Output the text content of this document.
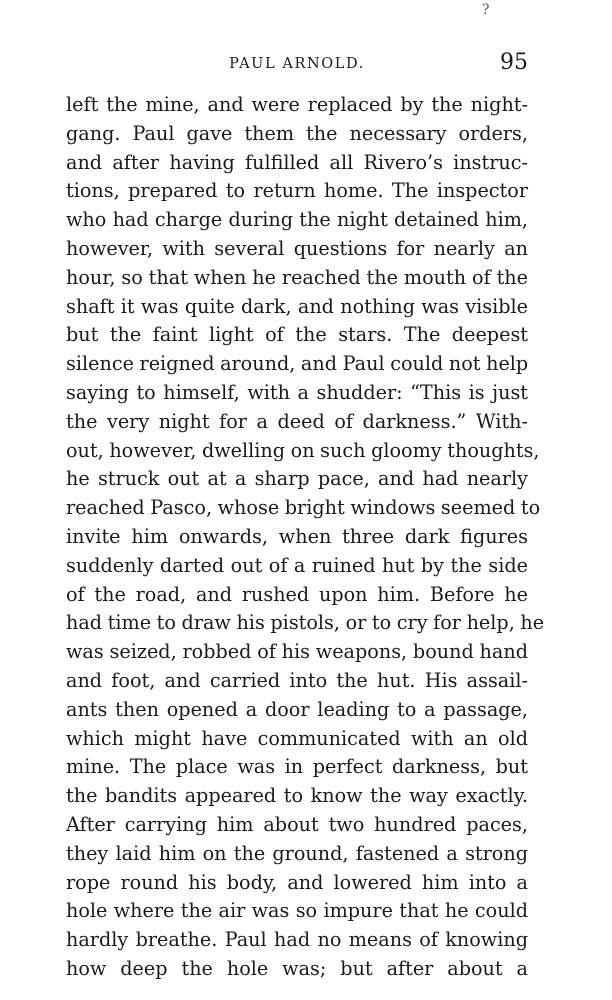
?
PAUL ARNOLD.	95
left the mine, and were replaced by the night-
gang. Paul gave them the necessary orders,
and after having fulfilled all Rivero’s instruc-
tions, prepared to return home. The inspector
who had charge during the night detained him,
however, with several questions for nearly an
hour, so that when he reached the mouth of the
shaft it was quite dark, and nothing was visible
but the faint light of the stars. The deepest
silence reigned around, and Paul could not help
saying to himself, with a shudder: “This is just
the very night for a deed of darkness.” With-
out, however, dwelling on such gloomy thoughts,
he struck out at a sharp pace, and had nearly
reached Pasco, whose bright windows seemed to
invite him onwards, when three dark figures
suddenly darted out of a ruined hut by the side
of the road, and rushed upon him. Before he
had time to draw his pistols, or to cry for help, he
was seized, robbed of his weapons, bound hand
and foot, and carried into the hut. His assail-
ants then opened a door leading to a passage,
which might have communicated with an old
mine. The place was in perfect darkness, but
the bandits appeared to know the way exactly.
After carrying him about two hundred paces,
they laid him on the ground, fastened a strong
rope round his body, and lowered him into a
hole where the air was so impure that he could
hardly breathe. Paul had no means of knowing
how deep the hole was; but after about a
